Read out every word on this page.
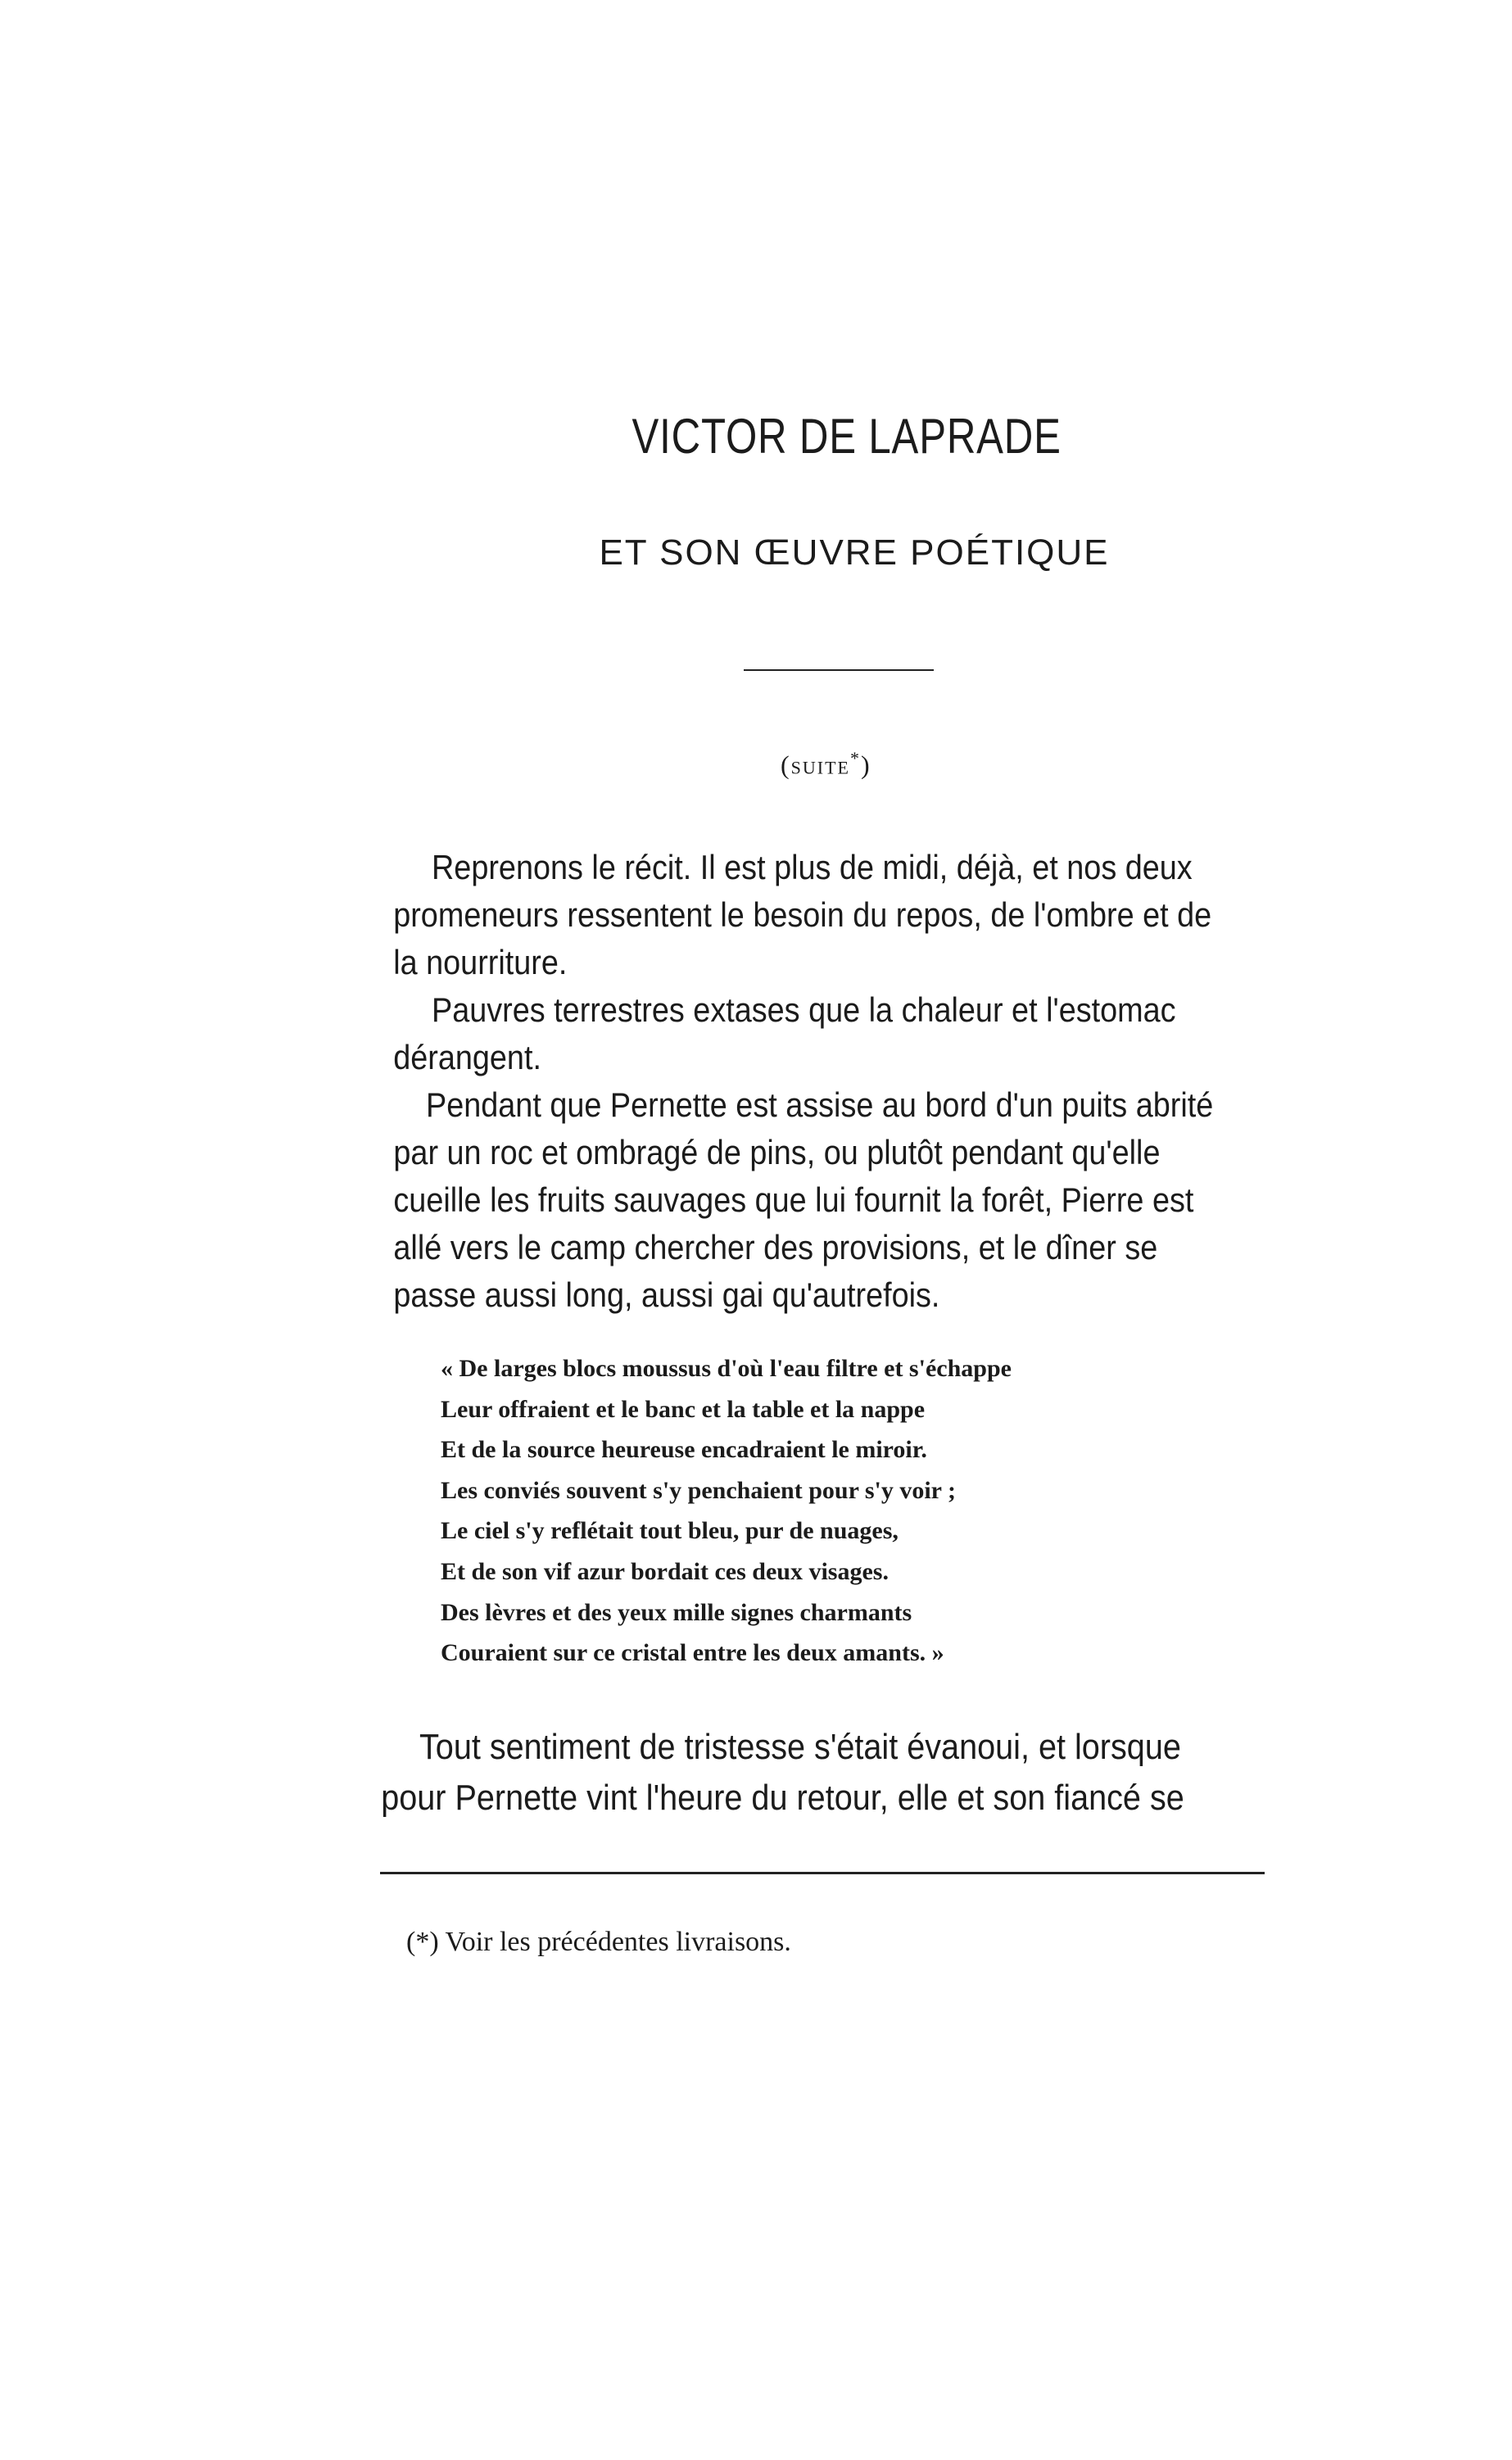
VICTOR DE LAPRADE
ET SON ŒUVRE POÉTIQUE
(suite*)
Reprenons le récit. Il est plus de midi, déjà, et nos deux
promeneurs ressentent le besoin du repos, de l'ombre et de
la nourriture.
Pauvres terrestres extases que la chaleur et l'estomac
dérangent.
Pendant que Pernette est assise au bord d'un puits abrité
par un roc et ombragé de pins, ou plutôt pendant qu'elle
cueille les fruits sauvages que lui fournit la forêt, Pierre est
allé vers le camp chercher des provisions, et le dîner se
passe aussi long, aussi gai qu'autrefois.
« De larges blocs moussus d'où l'eau filtre et s'échappe
Leur offraient et le banc et la table et la nappe
Et de la source heureuse encadraient le miroir.
Les conviés souvent s'y penchaient pour s'y voir ;
Le ciel s'y reflétait tout bleu, pur de nuages,
Et de son vif azur bordait ces deux visages.
Des lèvres et des yeux mille signes charmants
Couraient sur ce cristal entre les deux amants. »
Tout sentiment de tristesse s'était évanoui, et lorsque
pour Pernette vint l'heure du retour, elle et son fiancé se
(*) Voir les précédentes livraisons.
